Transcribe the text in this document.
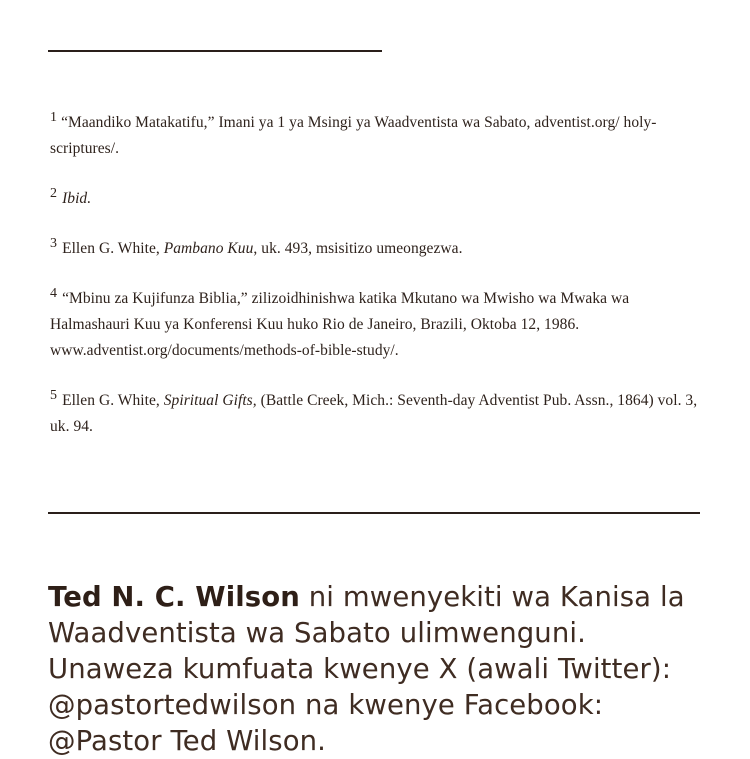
1 “Maandiko Matakatifu,” Imani ya 1 ya Msingi ya Waadventista wa Sabato, adventist.org/ holy-scriptures/.

2 Ibid.

3 Ellen G. White, Pambano Kuu, uk. 493, msisitizo umeongezwa.

4 “Mbinu za Kujifunza Biblia,” zilizoidhinishwa katika Mkutano wa Mwisho wa Mwaka wa Halmashauri Kuu ya Konferensi Kuu huko Rio de Janeiro, Brazili, Oktoba 12, 1986. www.adventist.org/documents/methods-of-bible-study/.

5 Ellen G. White, Spiritual Gifts, (Battle Creek, Mich.: Seventh-day Adventist Pub. Assn., 1864) vol. 3, uk. 94.

Ted N. C. Wilson ni mwenyekiti wa Kanisa la Waadventista wa Sabato ulimwenguni. Unaweza kumfuata kwenye X (awali Twitter): @pastortedwilson na kwenye Facebook: @Pastor Ted Wilson.
